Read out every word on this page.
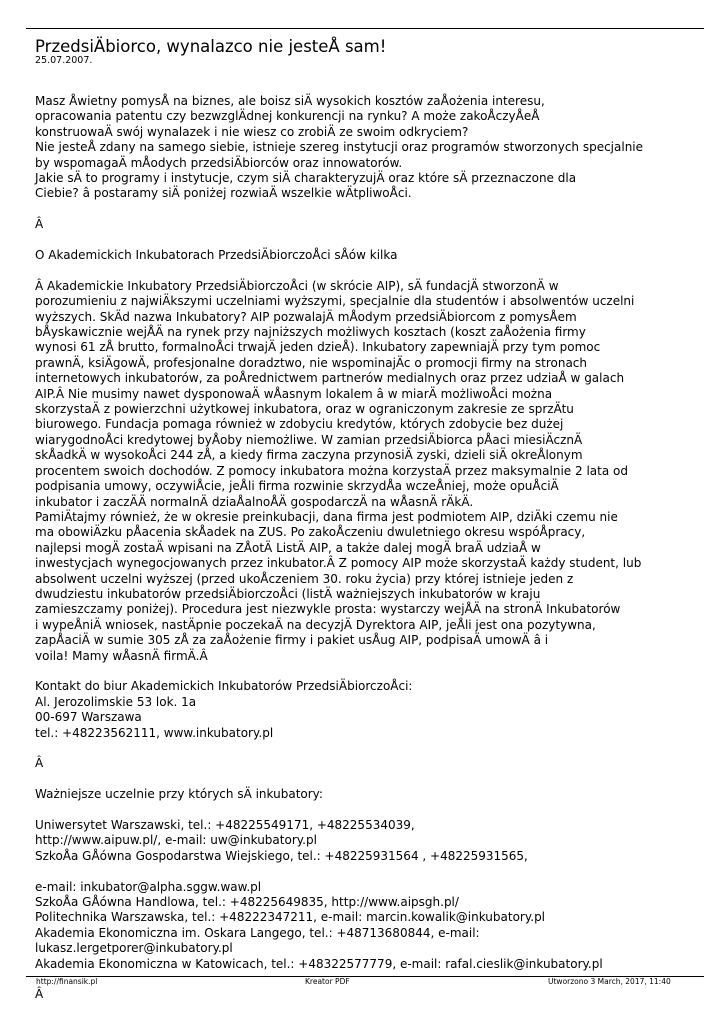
PrzedsiÄbiorco, wynalazco nie jesteÅ sam!
25.07.2007.

Masz Åwietny pomysÅ na biznes, ale boisz siÄ wysokich kosztów zaÅożenia interesu,
opracowania patentu czy bezwzglÄdnej konkurencji na rynku? A może zakoÅczyÅeÅ
konstruowaÄ swój wynalazek i nie wiesz co zrobiÄ ze swoim odkryciem?
Nie jesteÅ zdany na samego siebie, istnieje szereg instytucji oraz programów stworzonych specjalnie
by wspomagaÄ mÅodych przedsiÄbiorców oraz innowatorów.
Jakie sÄ to programy i instytucje, czym siÄ charakteryzujÄ oraz które sÄ przeznaczone dla
Ciebie? â postaramy siÄ poniżej rozwiaÄ wszelkie wÄtpliwoÅci.

Â

O Akademickich Inkubatorach PrzedsiÄbiorczoÅci sÅów kilka

Â Akademickie Inkubatory PrzedsiÄbiorczoÅci (w skrócie AIP), sÄ fundacjÄ stworzonÄ w
porozumieniu z najwiÄkszymi uczelniami wyższymi, specjalnie dla studentów i absolwentów uczelni
wyższych. SkÄd nazwa Inkubatory? AIP pozwalajÄ mÅodym przedsiÄbiorcom z pomysÅem
bÅyskawicznie wejÅÄ na rynek przy najniższych możliwych kosztach (koszt zaÅożenia firmy
wynosi 61 zÅ brutto, formalnoÅci trwajÄ jeden dzieÅ). Inkubatory zapewniajÄ przy tym pomoc
prawnÄ, ksiÄgowÄ, profesjonalne doradztwo, nie wspominajÄc o promocji firmy na stronach
internetowych inkubatorów, za poÅrednictwem partnerów medialnych oraz przez udziaÅ w galach
AIP.Â Nie musimy nawet dysponowaÄ wÅasnym lokalem â w miarÄ możliwoÅci można
skorzystaÄ z powierzchni użytkowej inkubatora, oraz w ograniczonym zakresie ze sprzÄtu
biurowego. Fundacja pomaga również w zdobyciu kredytów, których zdobycie bez dużej
wiarygodnoÅci kredytowej byÅoby niemożliwe. W zamian przedsiÄbiorca pÅaci miesiÄcznÄ
skÅadkÄ w wysokoÅci 244 zÅ, a kiedy firma zaczyna przynosiÄ zyski, dzieli siÄ okreÅlonym
procentem swoich dochodów. Z pomocy inkubatora można korzystaÄ przez maksymalnie 2 lata od
podpisania umowy, oczywiÅcie, jeÅli firma rozwinie skrzydÅa wczeÅniej, może opuÅciÄ
inkubator i zaczÄÄ normalnÄ dziaÅalnoÅÄ gospodarczÄ na wÅasnÄ rÄkÄ.
PamiÄtajmy również, że w okresie preinkubacji, dana firma jest podmiotem AIP, dziÄki czemu nie
ma obowiÄzku pÅacenia skÅadek na ZUS. Po zakoÅczeniu dwuletniego okresu wspóÅpracy,
najlepsi mogÄ zostaÄ wpisani na ZÅotÄ ListÄ AIP, a także dalej mogÄ braÄ udziaÅ w
inwestycjach wynegocjowanych przez inkubator.Â Z pomocy AIP może skorzystaÄ każdy student, lub
absolwent uczelni wyższej (przed ukoÅczeniem 30. roku życia) przy której istnieje jeden z
dwudziestu inkubatorów przedsiÄbiorczoÅci (listÄ ważniejszych inkubatorów w kraju
zamieszczamy poniżej). Procedura jest niezwykle prosta: wystarczy wejÅÄ na stronÄ Inkubatorów
i wypeÅniÄ wniosek, nastÄpnie poczekaÄ na decyzjÄ Dyrektora AIP, jeÅli jest ona pozytywna,
zapÅaciÄ w sumie 305 zÅ za zaÅożenie firmy i pakiet usÅug AIP, podpisaÄ umowÄ â i
voila! Mamy wÅasnÄ firmÄ.Â

Kontakt do biur Akademickich Inkubatorów PrzedsiÄbiorczoÅci:
Al. Jerozolimskie 53 lok. 1a
00-697 Warszawa
tel.: +48223562111, www.inkubatory.pl

Â

Ważniejsze uczelnie przy których sÄ inkubatory:

Uniwersytet Warszawski, tel.: +48225549171, +48225534039,
http://www.aipuw.pl/, e-mail: uw@inkubatory.pl
SzkoÅa GÅówna Gospodarstwa Wiejskiego, tel.: +48225931564 , +48225931565,

e-mail: inkubator@alpha.sggw.waw.pl
SzkoÅa GÅówna Handlowa, tel.: +48225649835, http://www.aipsgh.pl/
Politechnika Warszawska, tel.: +48222347211, e-mail: marcin.kowalik@inkubatory.pl
Akademia Ekonomiczna im. Oskara Langego, tel.: +48713680844, e-mail:
lukasz.lergetporer@inkubatory.pl
Akademia Ekonomiczna w Katowicach, tel.: +48322577779, e-mail: rafal.cieslik@inkubatory.pl

Â

http://finansik.pl	Kreator PDF	Utworzono 3 March, 2017, 11:40
